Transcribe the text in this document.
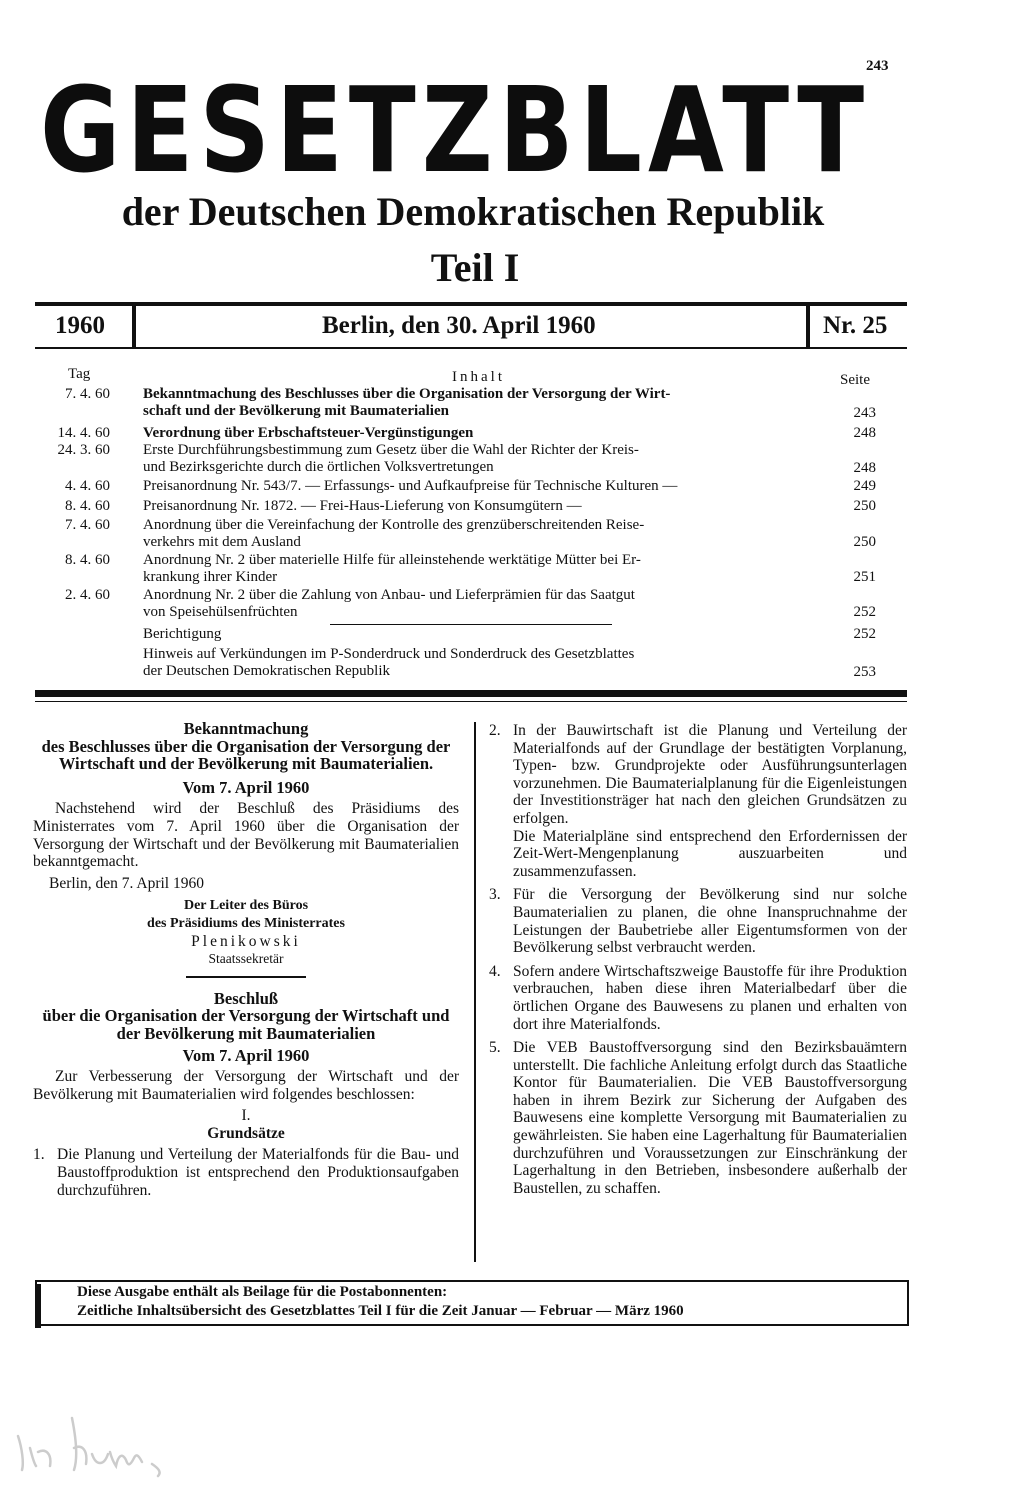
243
GESETZBLATT
der Deutschen Demokratischen Republik
Teil I
1960	Berlin, den 30. April 1960	Nr. 25
Tag	Inhalt	Seite
7. 4. 60 Bekanntmachung des Beschlusses über die Organisation der Versorgung der Wirt-
schaft und der Bevölkerung mit Baumaterialien	243
14. 4. 60 Verordnung über Erbschaftsteuer-Vergünstigungen	248
24. 3. 60 Erste Durchführungsbestimmung zum Gesetz über die Wahl der Richter der Kreis-
und Bezirksgerichte durch die örtlichen Volksvertretungen	248
4. 4. 60 Preisanordnung Nr. 543/7. — Erfassungs- und Aufkaufpreise für Technische Kulturen —	249
8. 4. 60 Preisanordnung Nr. 1872. — Frei-Haus-Lieferung von Konsumgütern —	250
7. 4. 60 Anordnung über die Vereinfachung der Kontrolle des grenzüberschreitenden Reise-
verkehrs mit dem Ausland	250
8. 4. 60 Anordnung Nr. 2 über materielle Hilfe für alleinstehende werktätige Mütter bei Er-
krankung ihrer Kinder	251
2. 4. 60 Anordnung Nr. 2 über die Zahlung von Anbau- und Lieferprämien für das Saatgut
von Speisehülsenfrüchten	252
Berichtigung	252
Hinweis auf Verkündungen im P-Sonderdruck und Sonderdruck des Gesetzblattes
der Deutschen Demokratischen Republik	253
Bekanntmachung
des Beschlusses über die Organisation der Versorgung der Wirtschaft und der Bevölkerung mit Baumaterialien.
Vom 7. April 1960
Nachstehend wird der Beschluß des Präsidiums des Ministerrates vom 7. April 1960 über die Organisation der Versorgung der Wirtschaft und der Bevölkerung mit Baumaterialien bekanntgemacht.
Berlin, den 7. April 1960
Der Leiter des Büros
des Präsidiums des Ministerrates
Plenikowski
Staatssekretär
Beschluß
über die Organisation der Versorgung der Wirtschaft und der Bevölkerung mit Baumaterialien
Vom 7. April 1960
Zur Verbesserung der Versorgung der Wirtschaft und der Bevölkerung mit Baumaterialien wird folgendes beschlossen:
I.
Grundsätze
1. Die Planung und Verteilung der Materialfonds für die Bau- und Baustoffproduktion ist entsprechend den Produktionsaufgaben durchzuführen.
2. In der Bauwirtschaft ist die Planung und Verteilung der Materialfonds auf der Grundlage der bestätigten Vorplanung, Typen- bzw. Grundprojekte oder Ausführungsunterlagen vorzunehmen. Die Baumaterialplanung für die Eigenleistungen der Investitionsträger hat nach den gleichen Grundsätzen zu erfolgen.
Die Materialpläne sind entsprechend den Erfordernissen der Zeit-Wert-Mengenplanung auszuarbeiten und zusammenzufassen.
3. Für die Versorgung der Bevölkerung sind nur solche Baumaterialien zu planen, die ohne Inanspruchnahme der Leistungen der Baubetriebe aller Eigentumsformen von der Bevölkerung selbst verbraucht werden.
4. Sofern andere Wirtschaftszweige Baustoffe für ihre Produktion verbrauchen, haben diese ihren Materialbedarf über die örtlichen Organe des Bauwesens zu planen und erhalten von dort ihre Materialfonds.
5. Die VEB Baustoffversorgung sind den Bezirksbauämtern unterstellt. Die fachliche Anleitung erfolgt durch das Staatliche Kontor für Baumaterialien. Die VEB Baustoffversorgung haben in ihrem Bezirk zur Sicherung der Aufgaben des Bauwesens eine komplette Versorgung mit Baumaterialien zu gewährleisten. Sie haben eine Lagerhaltung für Baumaterialien durchzuführen und Voraussetzungen zur Einschränkung der Lagerhaltung in den Betrieben, insbesondere außerhalb der Baustellen, zu schaffen.
Diese Ausgabe enthält als Beilage für die Postabonnenten:
Zeitliche Inhaltsübersicht des Gesetzblattes Teil I für die Zeit Januar — Februar — März 1960
